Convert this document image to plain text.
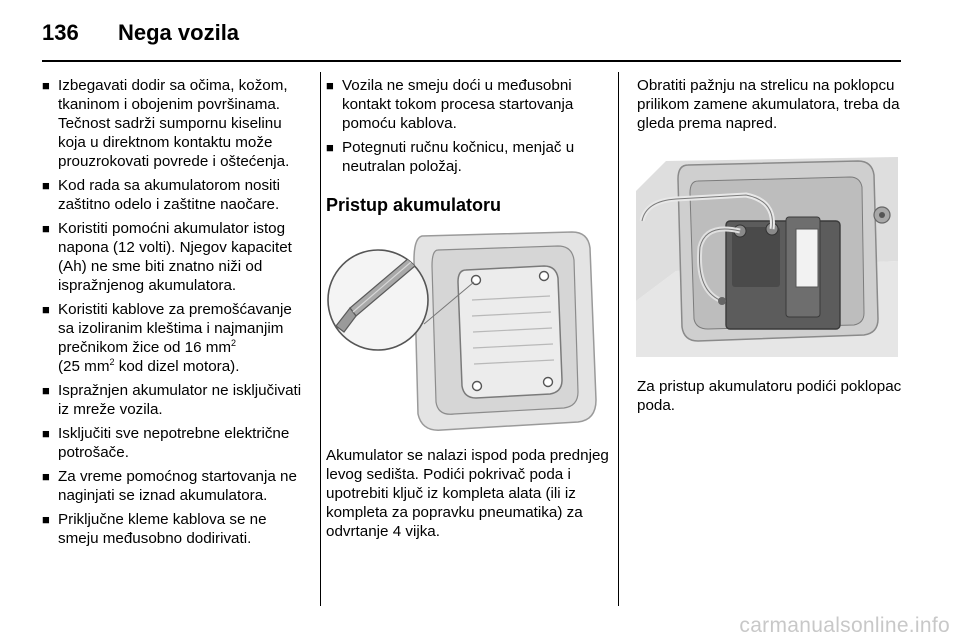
136 Nega vozila
■ Izbegavati dodir sa očima, kožom, tkaninom i obojenim površinama. Tečnost sadrži sumpornu kiselinu koja u direktnom kontaktu može prouzrokovati povrede i oštećenja.
■ Kod rada sa akumulatorom nositi zaštitno odelo i zaštitne naočare.
■ Koristiti pomoćni akumulator istog napona (12 volti). Njegov kapacitet (Ah) ne sme biti znatno niži od ispražnjenog akumulatora.
■ Koristiti kablove za premošćavanje sa izoliranim kleštima i najmanjim prečnikom žice od 16 $mm^2$
(25 $mm^2$ kod dizel motora).
■ Ispražnjen akumulator ne isključivati iz mreže vozila.
■ Isključiti sve nepotrebne električne potrošače.
■ Za vreme pomoćnog startovanja ne naginjati se iznad akumulatora.
■ Priključne kleme kablova se ne smeju međusobno dodirivati.
■ Vozila ne smeju doći u međusobni kontakt tokom procesa startovanja pomoću kablova.
■ Potegnuti ručnu kočnicu, menjač u neutralan položaj.
Pristup akumulatoru

Akumulator se nalazi ispod poda prednjeg levog sedišta. Podići pokrivač poda i upotrebiti ključ iz kompleta alata (ili iz kompleta za popravku pneumatika) za odvrtanje 4 vijka.

Obratiti pažnju na strelicu na poklopcu prilikom zamene akumulatora, treba da gleda prema napred.

Za pristup akumulatoru podići poklopac poda.

carmanualsonline.info
